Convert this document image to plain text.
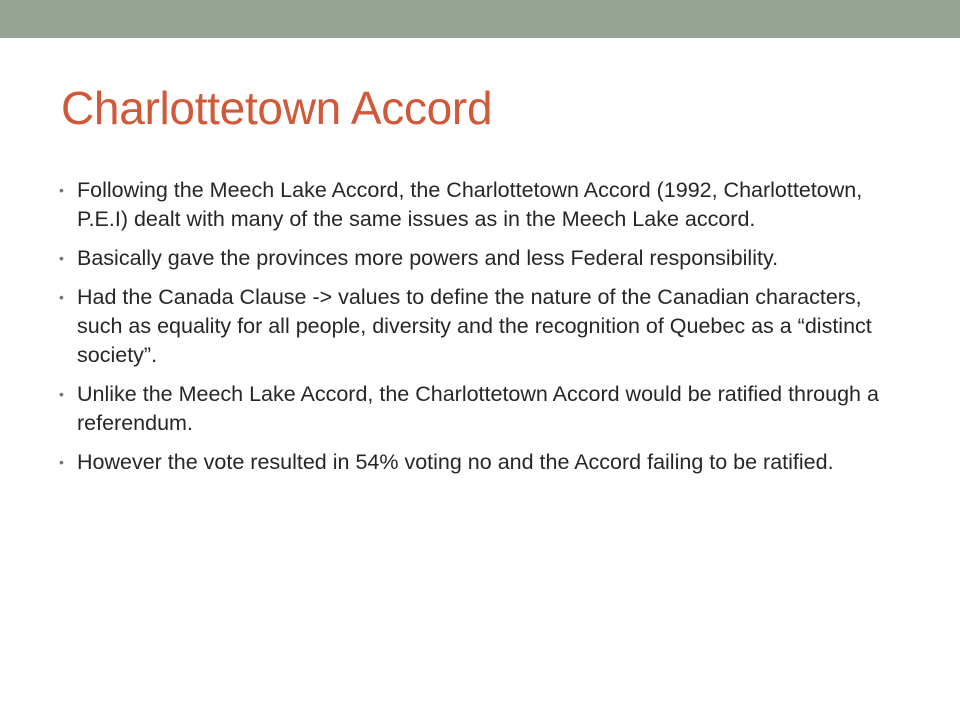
Charlottetown Accord
• Following the Meech Lake Accord, the Charlottetown Accord (1992, Charlottetown, P.E.I) dealt with many of the same issues as in the Meech Lake accord.
• Basically gave the provinces more powers and less Federal responsibility.
• Had the Canada Clause -> values to define the nature of the Canadian characters, such as equality for all people, diversity and the recognition of Quebec as a “distinct society”.
• Unlike the Meech Lake Accord, the Charlottetown Accord would be ratified through a referendum.
• However the vote resulted in 54% voting no and the Accord failing to be ratified.
